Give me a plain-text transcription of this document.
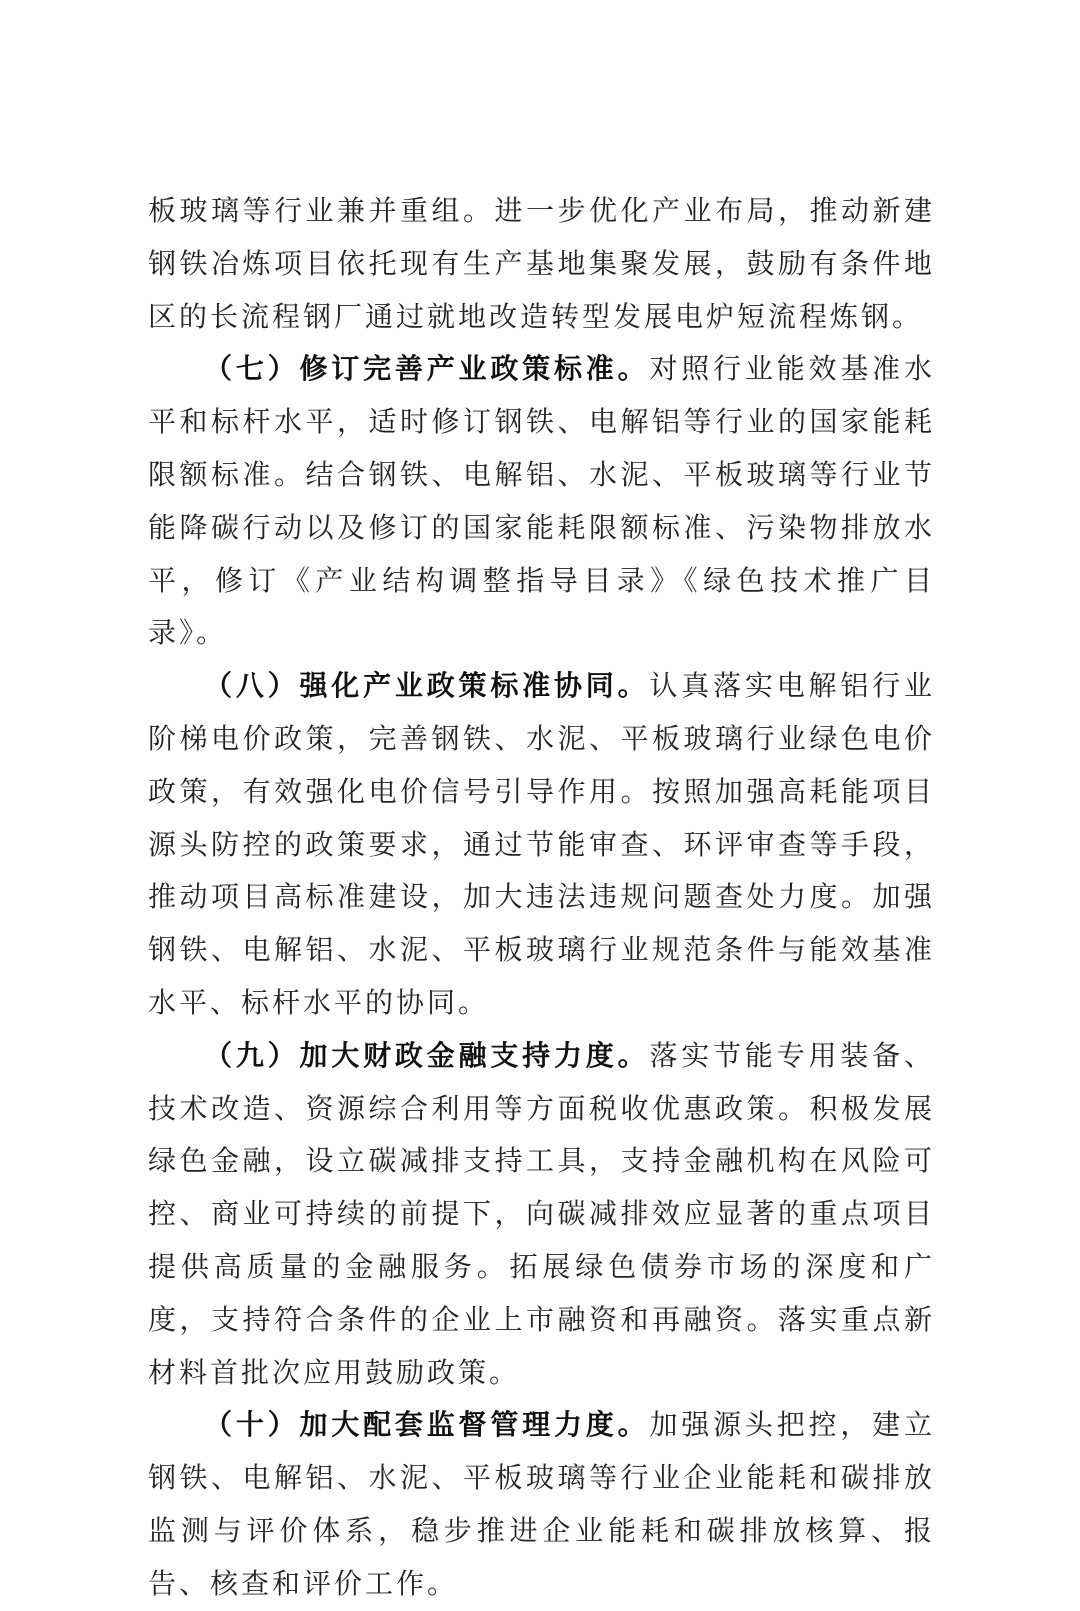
板玻璃等行业兼并重组。进一步优化产业布局，推动新建钢铁冶炼项目依托现有生产基地集聚发展，鼓励有条件地区的长流程钢厂通过就地改造转型发展电炉短流程炼钢。

（七）修订完善产业政策标准。对照行业能效基准水平和标杆水平，适时修订钢铁、电解铝等行业的国家能耗限额标准。结合钢铁、电解铝、水泥、平板玻璃等行业节能降碳行动以及修订的国家能耗限额标准、污染物排放水平，修订《产业结构调整指导目录》《绿色技术推广目录》。

（八）强化产业政策标准协同。认真落实电解铝行业阶梯电价政策，完善钢铁、水泥、平板玻璃行业绿色电价政策，有效强化电价信号引导作用。按照加强高耗能项目源头防控的政策要求，通过节能审查、环评审查等手段，推动项目高标准建设，加大违法违规问题查处力度。加强钢铁、电解铝、水泥、平板玻璃行业规范条件与能效基准水平、标杆水平的协同。

（九）加大财政金融支持力度。落实节能专用装备、技术改造、资源综合利用等方面税收优惠政策。积极发展绿色金融，设立碳减排支持工具，支持金融机构在风险可控、商业可持续的前提下，向碳减排效应显著的重点项目提供高质量的金融服务。拓展绿色债券市场的深度和广度，支持符合条件的企业上市融资和再融资。落实重点新材料首批次应用鼓励政策。

（十）加大配套监督管理力度。加强源头把控，建立钢铁、电解铝、水泥、平板玻璃等行业企业能耗和碳排放监测与评价体系，稳步推进企业能耗和碳排放核算、报告、核查和评价工作。
